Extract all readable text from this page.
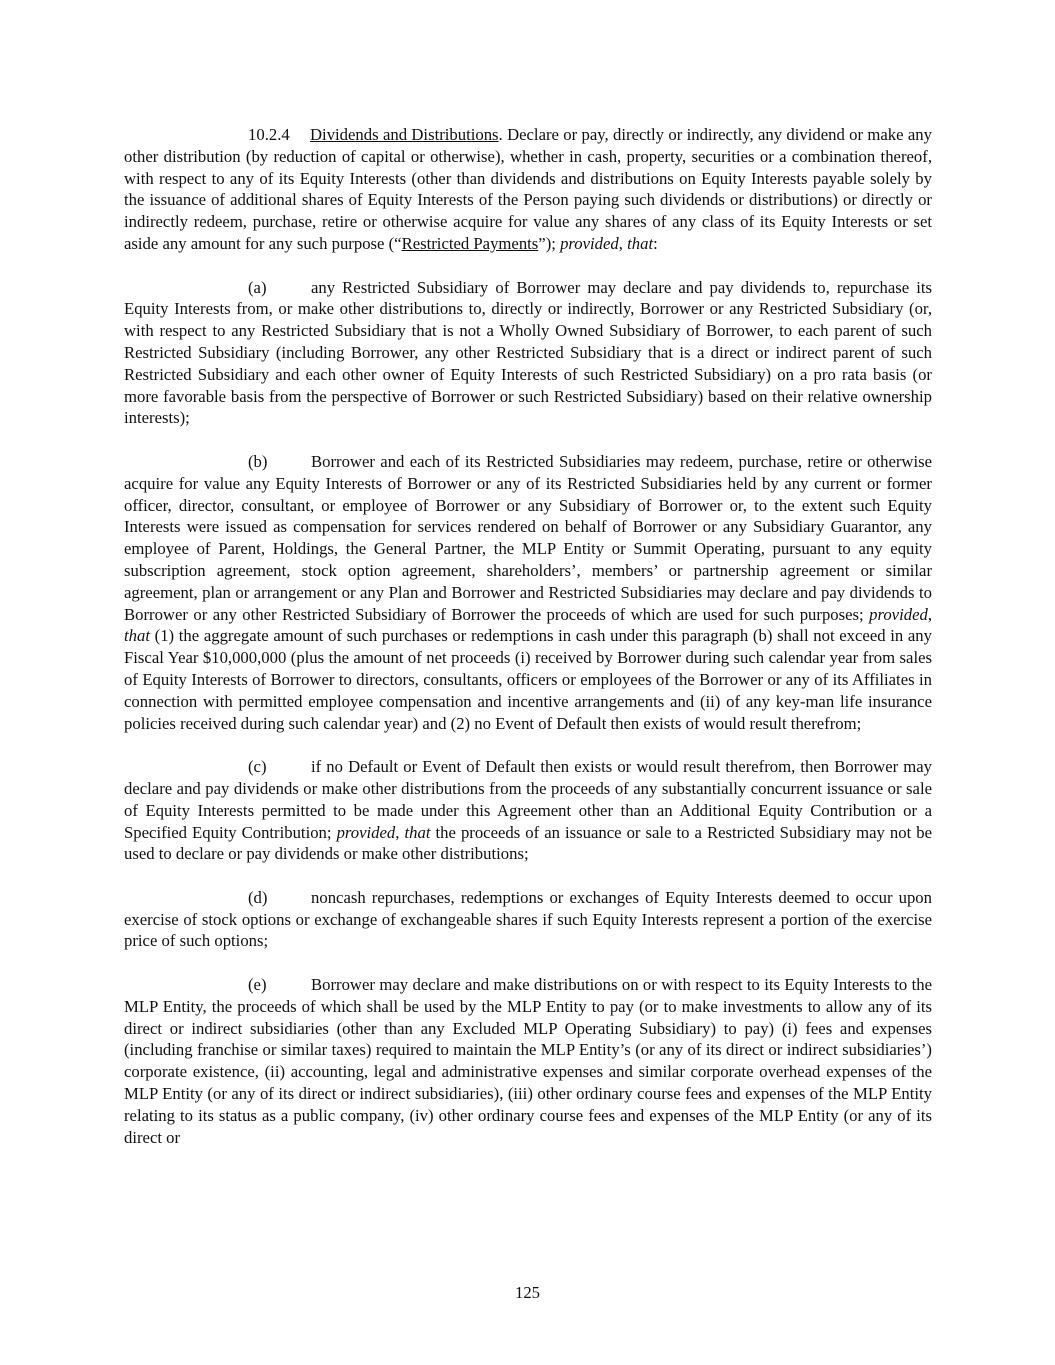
10.2.4 Dividends and Distributions. Declare or pay, directly or indirectly, any dividend or make any other distribution (by reduction of capital or otherwise), whether in cash, property, securities or a combination thereof, with respect to any of its Equity Interests (other than dividends and distributions on Equity Interests payable solely by the issuance of additional shares of Equity Interests of the Person paying such dividends or distributions) or directly or indirectly redeem, purchase, retire or otherwise acquire for value any shares of any class of its Equity Interests or set aside any amount for any such purpose (“Restricted Payments”); provided, that:

(a)	any Restricted Subsidiary of Borrower may declare and pay dividends to, repurchase its Equity Interests from, or make other distributions to, directly or indirectly, Borrower or any Restricted Subsidiary (or, with respect to any Restricted Subsidiary that is not a Wholly Owned Subsidiary of Borrower, to each parent of such Restricted Subsidiary (including Borrower, any other Restricted Subsidiary that is a direct or indirect parent of such Restricted Subsidiary and each other owner of Equity Interests of such Restricted Subsidiary) on a pro rata basis (or more favorable basis from the perspective of Borrower or such Restricted Subsidiary) based on their relative ownership interests);

(b)	Borrower and each of its Restricted Subsidiaries may redeem, purchase, retire or otherwise acquire for value any Equity Interests of Borrower or any of its Restricted Subsidiaries held by any current or former officer, director, consultant, or employee of Borrower or any Subsidiary of Borrower or, to the extent such Equity Interests were issued as compensation for services rendered on behalf of Borrower or any Subsidiary Guarantor, any employee of Parent, Holdings, the General Partner, the MLP Entity or Summit Operating, pursuant to any equity subscription agreement, stock option agreement, shareholders’, members’ or partnership agreement or similar agreement, plan or arrangement or any Plan and Borrower and Restricted Subsidiaries may declare and pay dividends to Borrower or any other Restricted Subsidiary of Borrower the proceeds of which are used for such purposes; provided, that (1) the aggregate amount of such purchases or redemptions in cash under this paragraph (b) shall not exceed in any Fiscal Year $10,000,000 (plus the amount of net proceeds (i) received by Borrower during such calendar year from sales of Equity Interests of Borrower to directors, consultants, officers or employees of the Borrower or any of its Affiliates in connection with permitted employee compensation and incentive arrangements and (ii) of any key-man life insurance policies received during such calendar year) and (2) no Event of Default then exists of would result therefrom;

(c)	if no Default or Event of Default then exists or would result therefrom, then Borrower may declare and pay dividends or make other distributions from the proceeds of any substantially concurrent issuance or sale of Equity Interests permitted to be made under this Agreement other than an Additional Equity Contribution or a Specified Equity Contribution; provided, that the proceeds of an issuance or sale to a Restricted Subsidiary may not be used to declare or pay dividends or make other distributions;

(d)	noncash repurchases, redemptions or exchanges of Equity Interests deemed to occur upon exercise of stock options or exchange of exchangeable shares if such Equity Interests represent a portion of the exercise price of such options;

(e)	Borrower may declare and make distributions on or with respect to its Equity Interests to the MLP Entity, the proceeds of which shall be used by the MLP Entity to pay (or to make investments to allow any of its direct or indirect subsidiaries (other than any Excluded MLP Operating Subsidiary) to pay) (i) fees and expenses (including franchise or similar taxes) required to maintain the MLP Entity’s (or any of its direct or indirect subsidiaries’) corporate existence, (ii) accounting, legal and administrative expenses and similar corporate overhead expenses of the MLP Entity (or any of its direct or indirect subsidiaries), (iii) other ordinary course fees and expenses of the MLP Entity relating to its status as a public company, (iv) other ordinary course fees and expenses of the MLP Entity (or any of its direct or

125
